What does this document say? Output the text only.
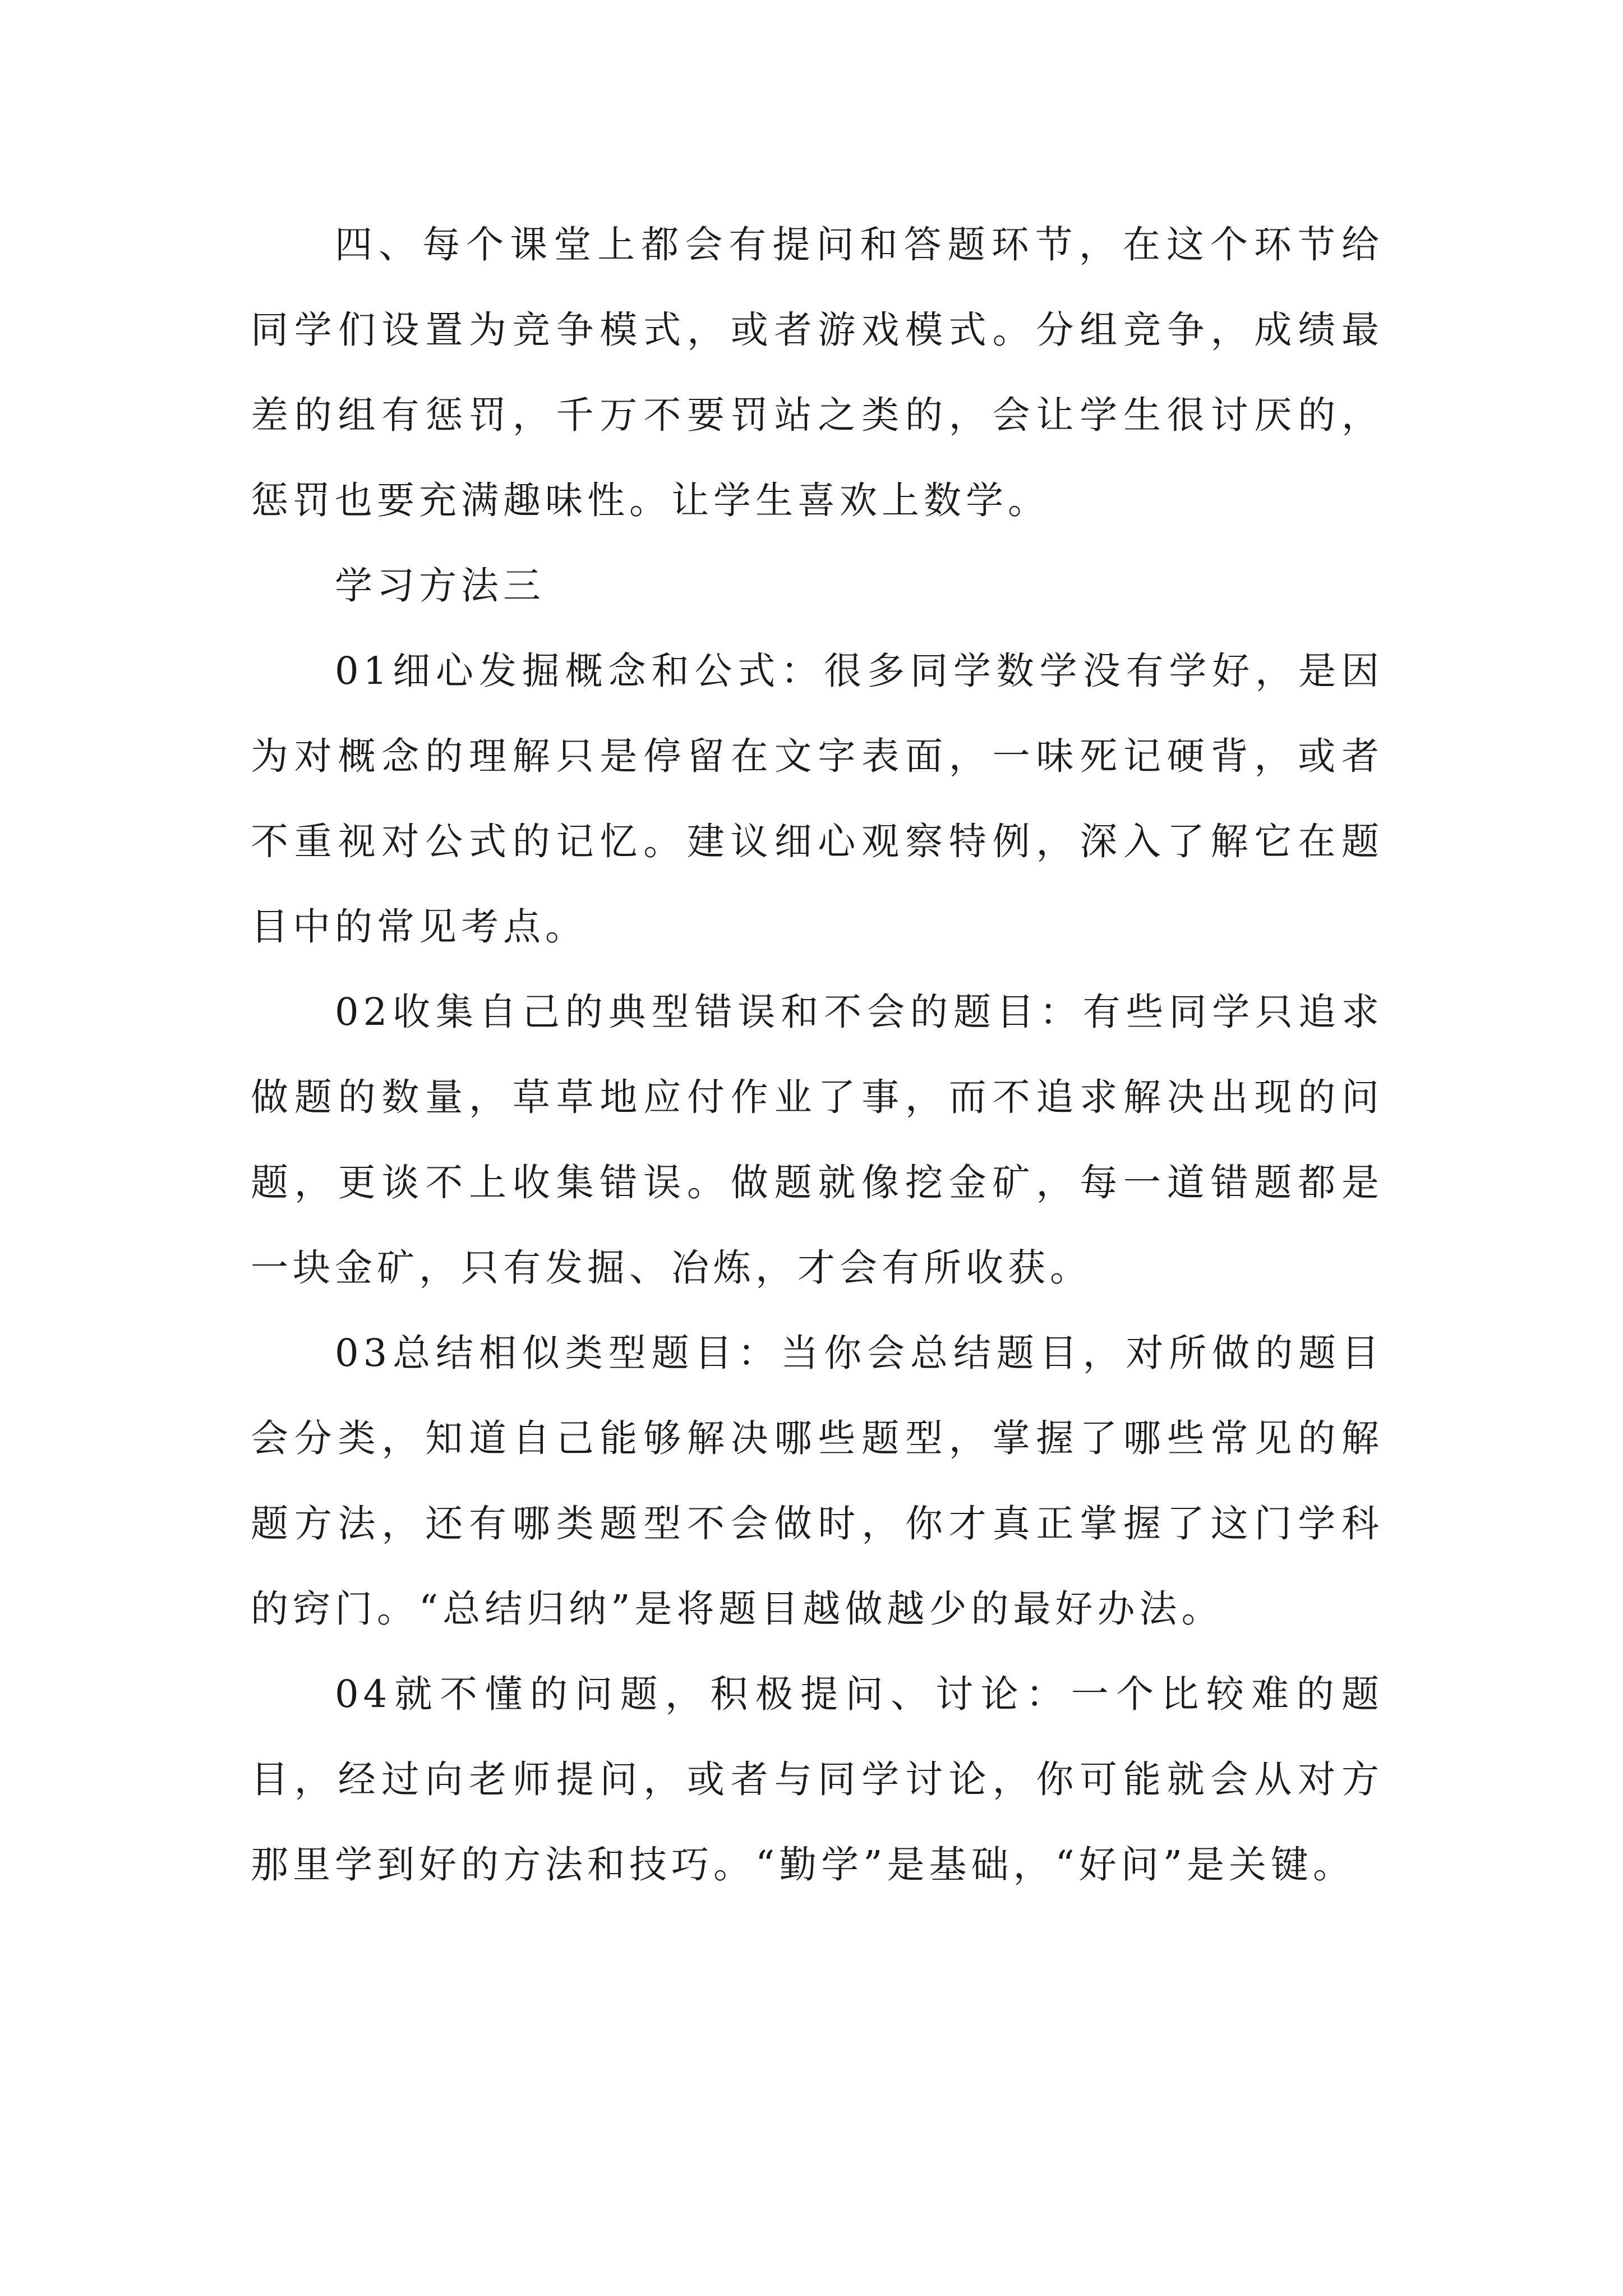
四、每个课堂上都会有提问和答题环节，在这个环节给同学们设置为竞争模式，或者游戏模式。分组竞争，成绩最差的组有惩罚，千万不要罚站之类的，会让学生很讨厌的，惩罚也要充满趣味性。让学生喜欢上数学。

学习方法三

01细心发掘概念和公式：很多同学数学没有学好，是因为对概念的理解只是停留在文字表面，一味死记硬背，或者不重视对公式的记忆。建议细心观察特例，深入了解它在题目中的常见考点。

02收集自己的典型错误和不会的题目：有些同学只追求做题的数量，草草地应付作业了事，而不追求解决出现的问题，更谈不上收集错误。做题就像挖金矿，每一道错题都是一块金矿，只有发掘、冶炼，才会有所收获。

03总结相似类型题目：当你会总结题目，对所做的题目会分类，知道自己能够解决哪些题型，掌握了哪些常见的解题方法，还有哪类题型不会做时，你才真正掌握了这门学科的窍门。“总结归纳”是将题目越做越少的最好办法。

04就不懂的问题，积极提问、讨论：一个比较难的题目，经过向老师提问，或者与同学讨论，你可能就会从对方那里学到好的方法和技巧。“勤学”是基础，“好问”是关键。
